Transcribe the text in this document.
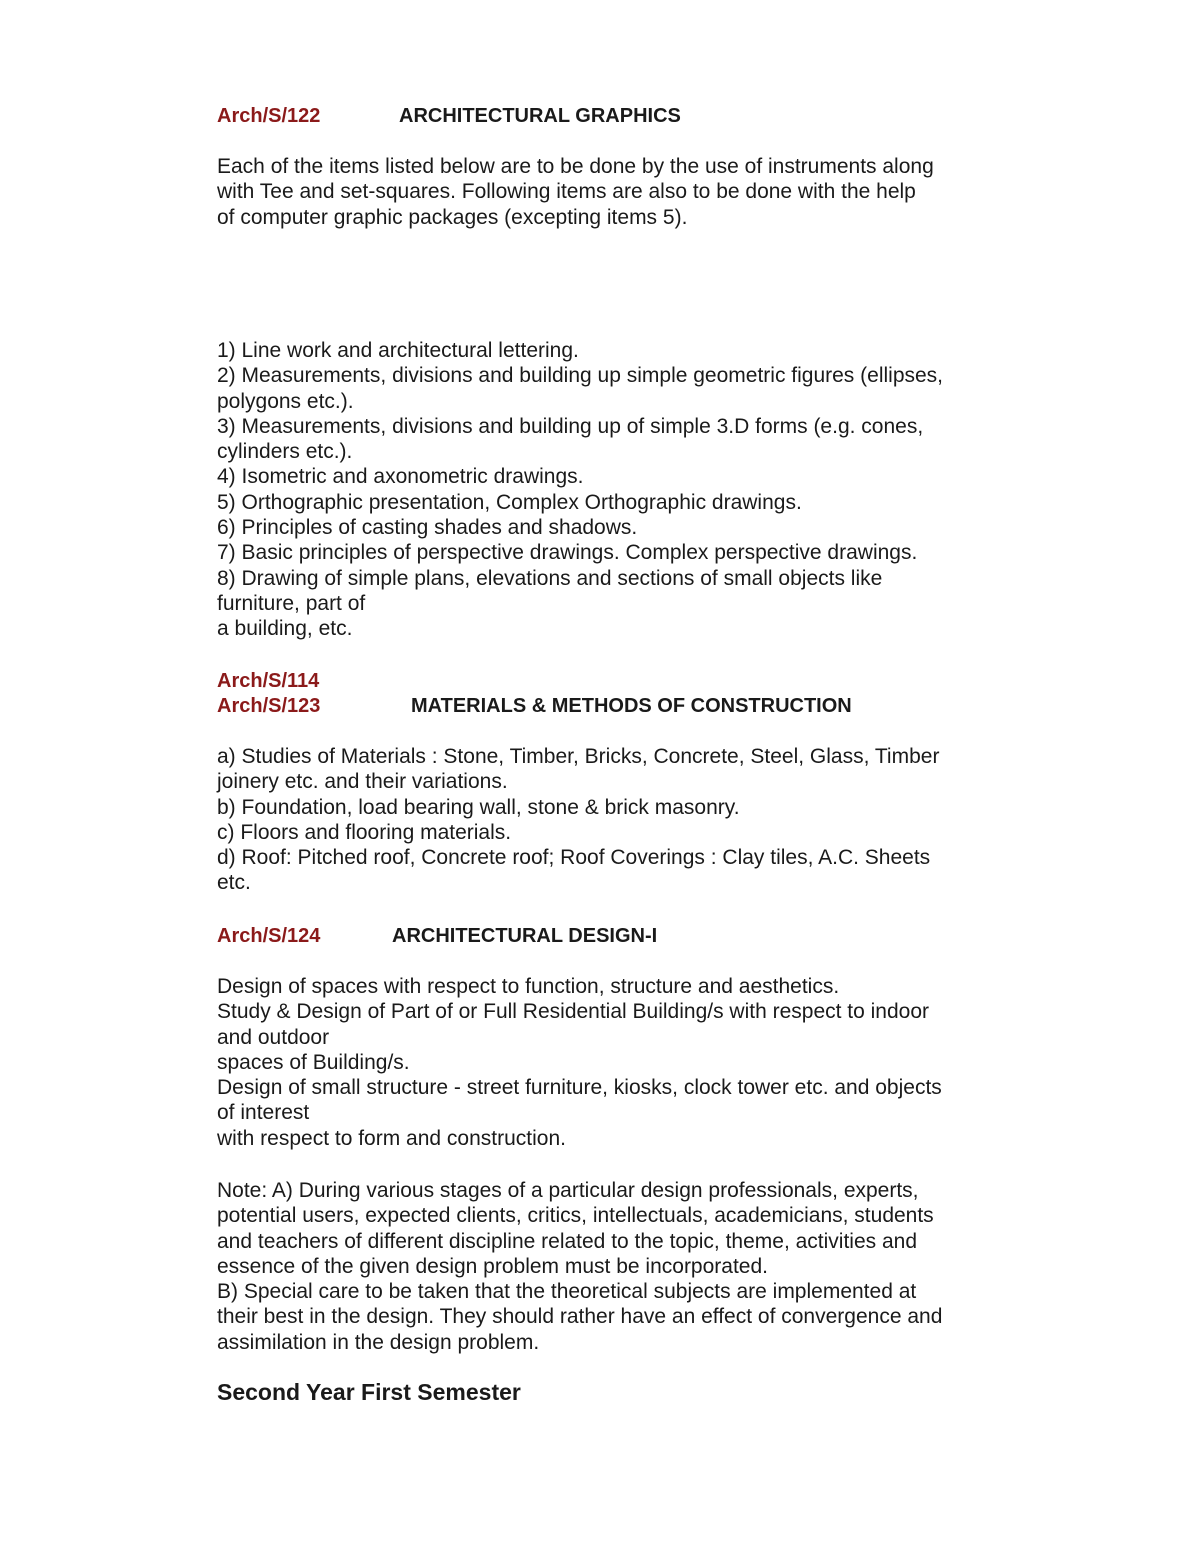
Arch/S/122	ARCHITECTURAL GRAPHICS
Each of the items listed below are to be done by the use of instruments along
with Tee and set-squares. Following items are also to be done with the help
of computer graphic packages (excepting items 5).
1) Line work and architectural lettering.
2) Measurements, divisions and building up simple geometric figures (ellipses,
polygons etc.).
3) Measurements, divisions and building up of simple 3.D forms (e.g. cones,
cylinders etc.).
4) Isometric and axonometric drawings.
5) Orthographic presentation, Complex Orthographic drawings.
6) Principles of casting shades and shadows.
7) Basic principles of perspective drawings. Complex perspective drawings.
8) Drawing of simple plans, elevations and sections of small objects like
furniture, part of
a building, etc.
Arch/S/114
Arch/S/123	MATERIALS & METHODS OF CONSTRUCTION
a) Studies of Materials : Stone, Timber, Bricks, Concrete, Steel, Glass, Timber
joinery etc. and their variations.
b) Foundation, load bearing wall, stone & brick masonry.
c) Floors and flooring materials.
d) Roof: Pitched roof, Concrete roof; Roof Coverings : Clay tiles, A.C. Sheets
etc.
Arch/S/124	ARCHITECTURAL DESIGN-I
Design of spaces with respect to function, structure and aesthetics.
Study & Design of Part of or Full Residential Building/s with respect to indoor
and outdoor
spaces of Building/s.
Design of small structure - street furniture, kiosks, clock tower etc. and objects
of interest
with respect to form and construction.
Note: A) During various stages of a particular design professionals, experts,
potential users, expected clients, critics, intellectuals, academicians, students
and teachers of different discipline related to the topic, theme, activities and
essence of the given design problem must be incorporated.
B) Special care to be taken that the theoretical subjects are implemented at
their best in the design. They should rather have an effect of convergence and
assimilation in the design problem.
Second Year First Semester
